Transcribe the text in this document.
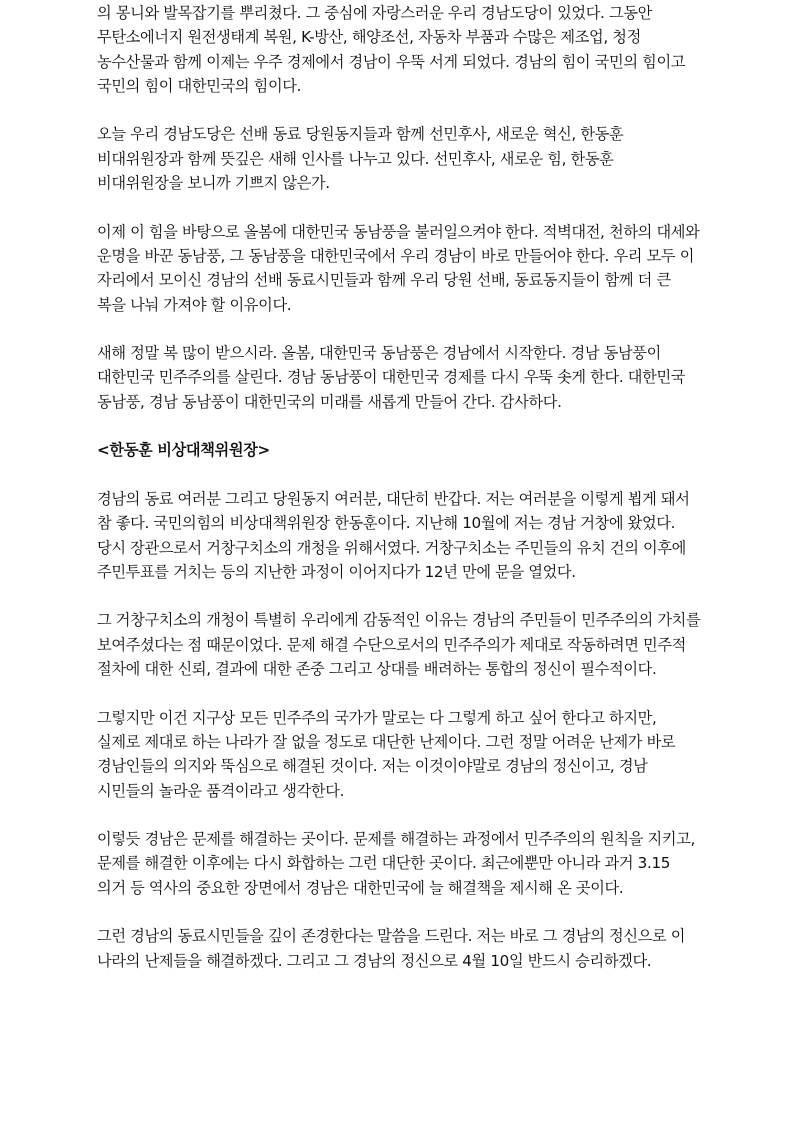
의 몽니와 발목잡기를 뿌리쳤다. 그 중심에 자랑스러운 우리 경남도당이 있었다. 그동안 무탄소에너지 원전생태계 복원, K-방산, 해양조선, 자동차 부품과 수많은 제조업, 청정 농수산물과 함께 이제는 우주 경제에서 경남이 우뚝 서게 되었다. 경남의 힘이 국민의 힘이고 국민의 힘이 대한민국의 힘이다.

오늘 우리 경남도당은 선배 동료 당원동지들과 함께 선민후사, 새로운 혁신, 한동훈 비대위원장과 함께 뜻깊은 새해 인사를 나누고 있다. 선민후사, 새로운 힘, 한동훈 비대위원장을 보니까 기쁘지 않은가.

이제 이 힘을 바탕으로 올봄에 대한민국 동남풍을 불러일으켜야 한다. 적벽대전, 천하의 대세와 운명을 바꾼 동남풍, 그 동남풍을 대한민국에서 우리 경남이 바로 만들어야 한다. 우리 모두 이 자리에서 모이신 경남의 선배 동료시민들과 함께 우리 당원 선배, 동료동지들이 함께 더 큰 복을 나눠 가져야 할 이유이다.

새해 정말 복 많이 받으시라. 올봄, 대한민국 동남풍은 경남에서 시작한다. 경남 동남풍이 대한민국 민주주의를 살린다. 경남 동남풍이 대한민국 경제를 다시 우뚝 솟게 한다. 대한민국 동남풍, 경남 동남풍이 대한민국의 미래를 새롭게 만들어 간다. 감사하다.

<한동훈 비상대책위원장>

경남의 동료 여러분 그리고 당원동지 여러분, 대단히 반갑다. 저는 여러분을 이렇게 뵙게 돼서 참 좋다. 국민의힘의 비상대책위원장 한동훈이다. 지난해 10월에 저는 경남 거창에 왔었다. 당시 장관으로서 거창구치소의 개청을 위해서였다. 거창구치소는 주민들의 유치 건의 이후에 주민투표를 거치는 등의 지난한 과정이 이어지다가 12년 만에 문을 열었다.

그 거창구치소의 개청이 특별히 우리에게 감동적인 이유는 경남의 주민들이 민주주의의 가치를 보여주셨다는 점 때문이었다. 문제 해결 수단으로서의 민주주의가 제대로 작동하려면 민주적 절차에 대한 신뢰, 결과에 대한 존중 그리고 상대를 배려하는 통합의 정신이 필수적이다.

그렇지만 이건 지구상 모든 민주주의 국가가 말로는 다 그렇게 하고 싶어 한다고 하지만, 실제로 제대로 하는 나라가 잘 없을 정도로 대단한 난제이다. 그런 정말 어려운 난제가 바로 경남인들의 의지와 뚝심으로 해결된 것이다. 저는 이것이야말로 경남의 정신이고, 경남 시민들의 놀라운 품격이라고 생각한다.

이렇듯 경남은 문제를 해결하는 곳이다. 문제를 해결하는 과정에서 민주주의의 원칙을 지키고, 문제를 해결한 이후에는 다시 화합하는 그런 대단한 곳이다. 최근에뿐만 아니라 과거 3.15 의거 등 역사의 중요한 장면에서 경남은 대한민국에 늘 해결책을 제시해 온 곳이다.

그런 경남의 동료시민들을 깊이 존경한다는 말씀을 드린다. 저는 바로 그 경남의 정신으로 이 나라의 난제들을 해결하겠다. 그리고 그 경남의 정신으로 4월 10일 반드시 승리하겠다.
